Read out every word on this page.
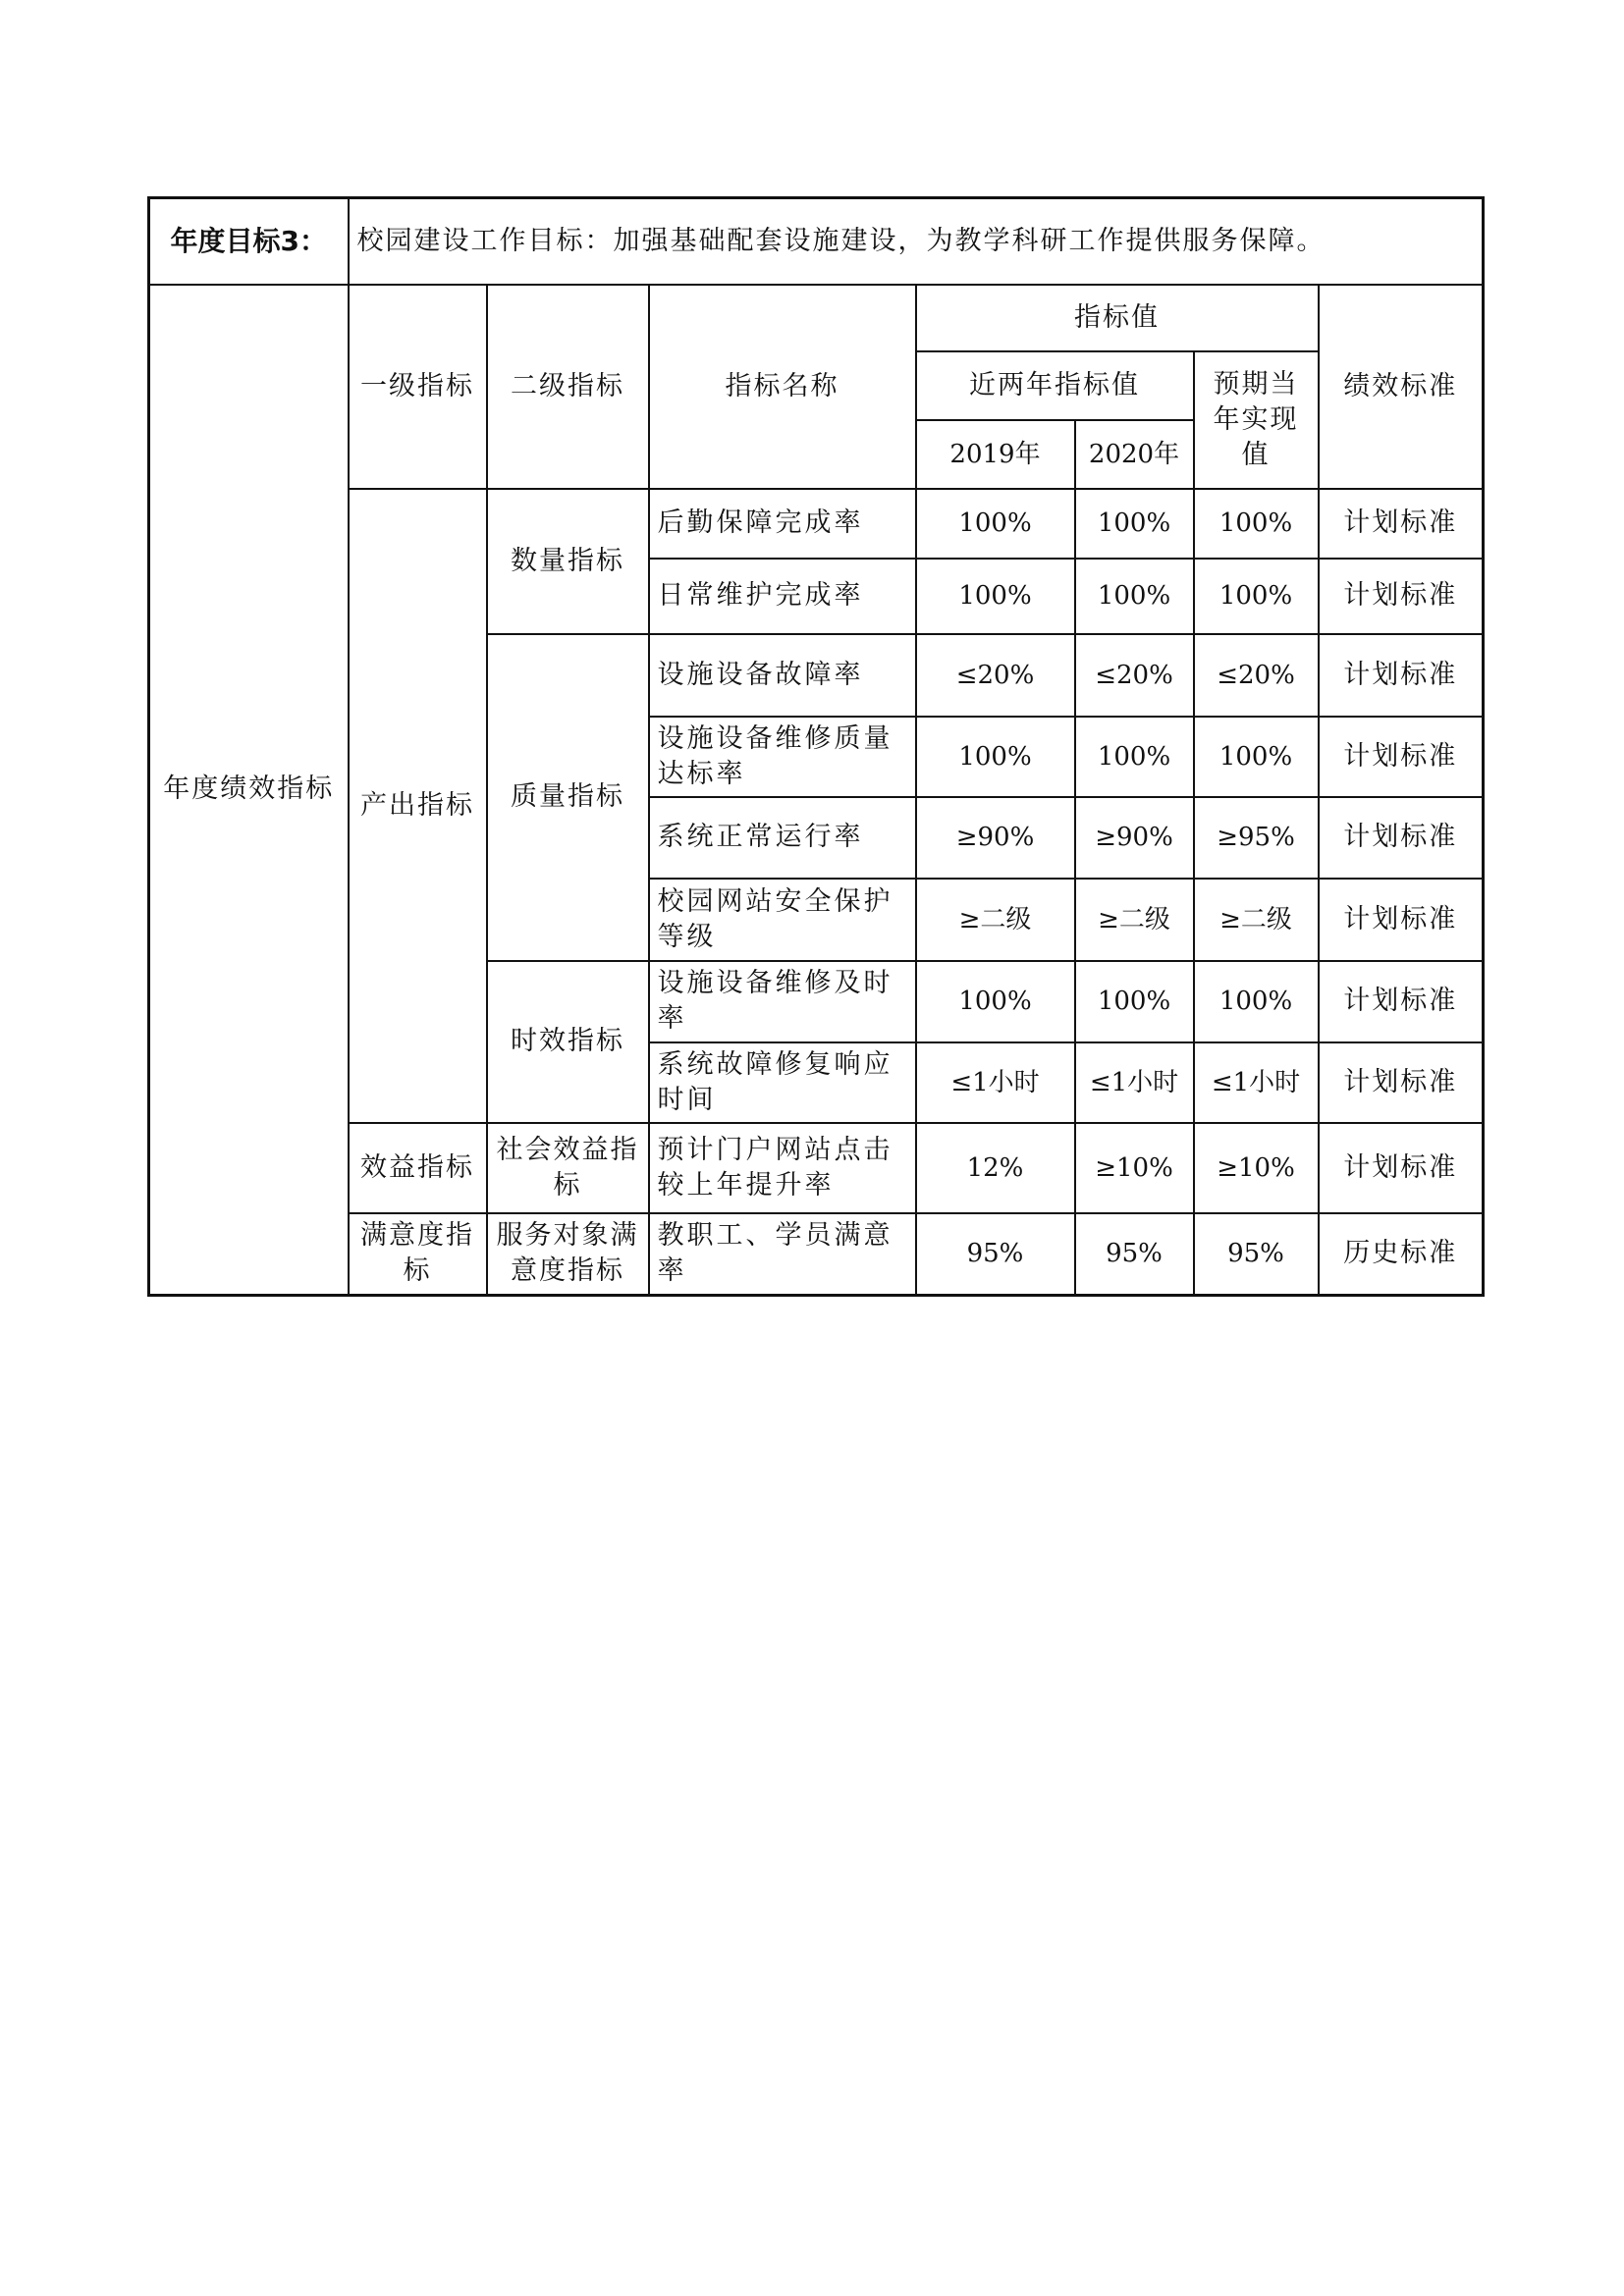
年度目标3：	校园建设工作目标：加强基础配套设施建设，为教学科研工作提供服务保障。						
年度绩效指标	一级指标	二级指标	指标名称	指标值			绩效标准
				近两年指标值		预期当年实现值	
				2019年	2020年		
	产出指标	数量指标	后勤保障完成率	100%	100%	100%	计划标准
			日常维护完成率	100%	100%	100%	计划标准
		质量指标	设施设备故障率	≤20%	≤20%	≤20%	计划标准
			设施设备维修质量达标率	100%	100%	100%	计划标准
			系统正常运行率	≥90%	≥90%	≥95%	计划标准
			校园网站安全保护等级	≥二级	≥二级	≥二级	计划标准
		时效指标	设施设备维修及时率	100%	100%	100%	计划标准
			系统故障修复响应时间	≤1小时	≤1小时	≤1小时	计划标准
	效益指标	社会效益指标	预计门户网站点击较上年提升率	12%	≥10%	≥10%	计划标准
	满意度指标	服务对象满意度指标	教职工、学员满意率	95%	95%	95%	历史标准
